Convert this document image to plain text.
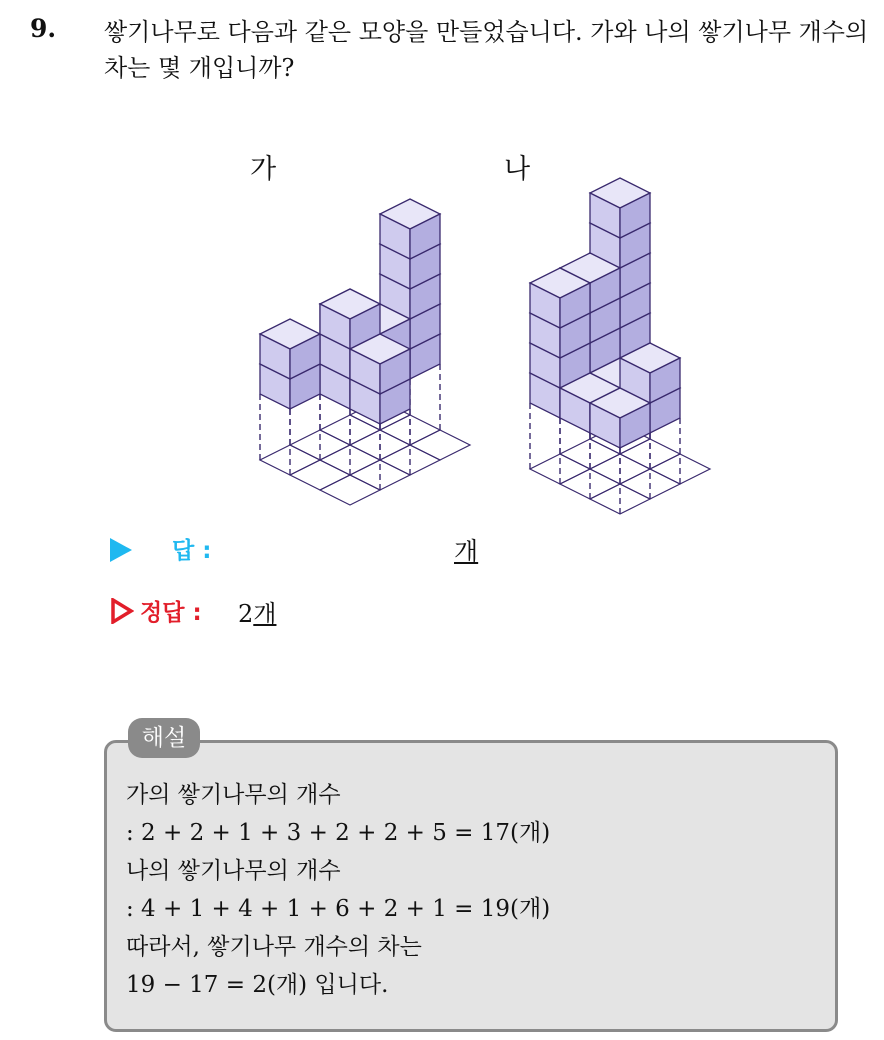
9. 쌓기나무로 다음과 같은 모양을 만들었습니다. 가와 나의 쌓기나무 개수의 차는 몇 개입니까?
가	나
답 :	개
정답 : 2개
해설
가의 쌓기나무의 개수
: 2 + 2 + 1 + 3 + 2 + 2 + 5 = 17(개)
나의 쌓기나무의 개수
: 4 + 1 + 4 + 1 + 6 + 2 + 1 = 19(개)
따라서, 쌓기나무 개수의 차는
19 − 17 = 2(개) 입니다.
